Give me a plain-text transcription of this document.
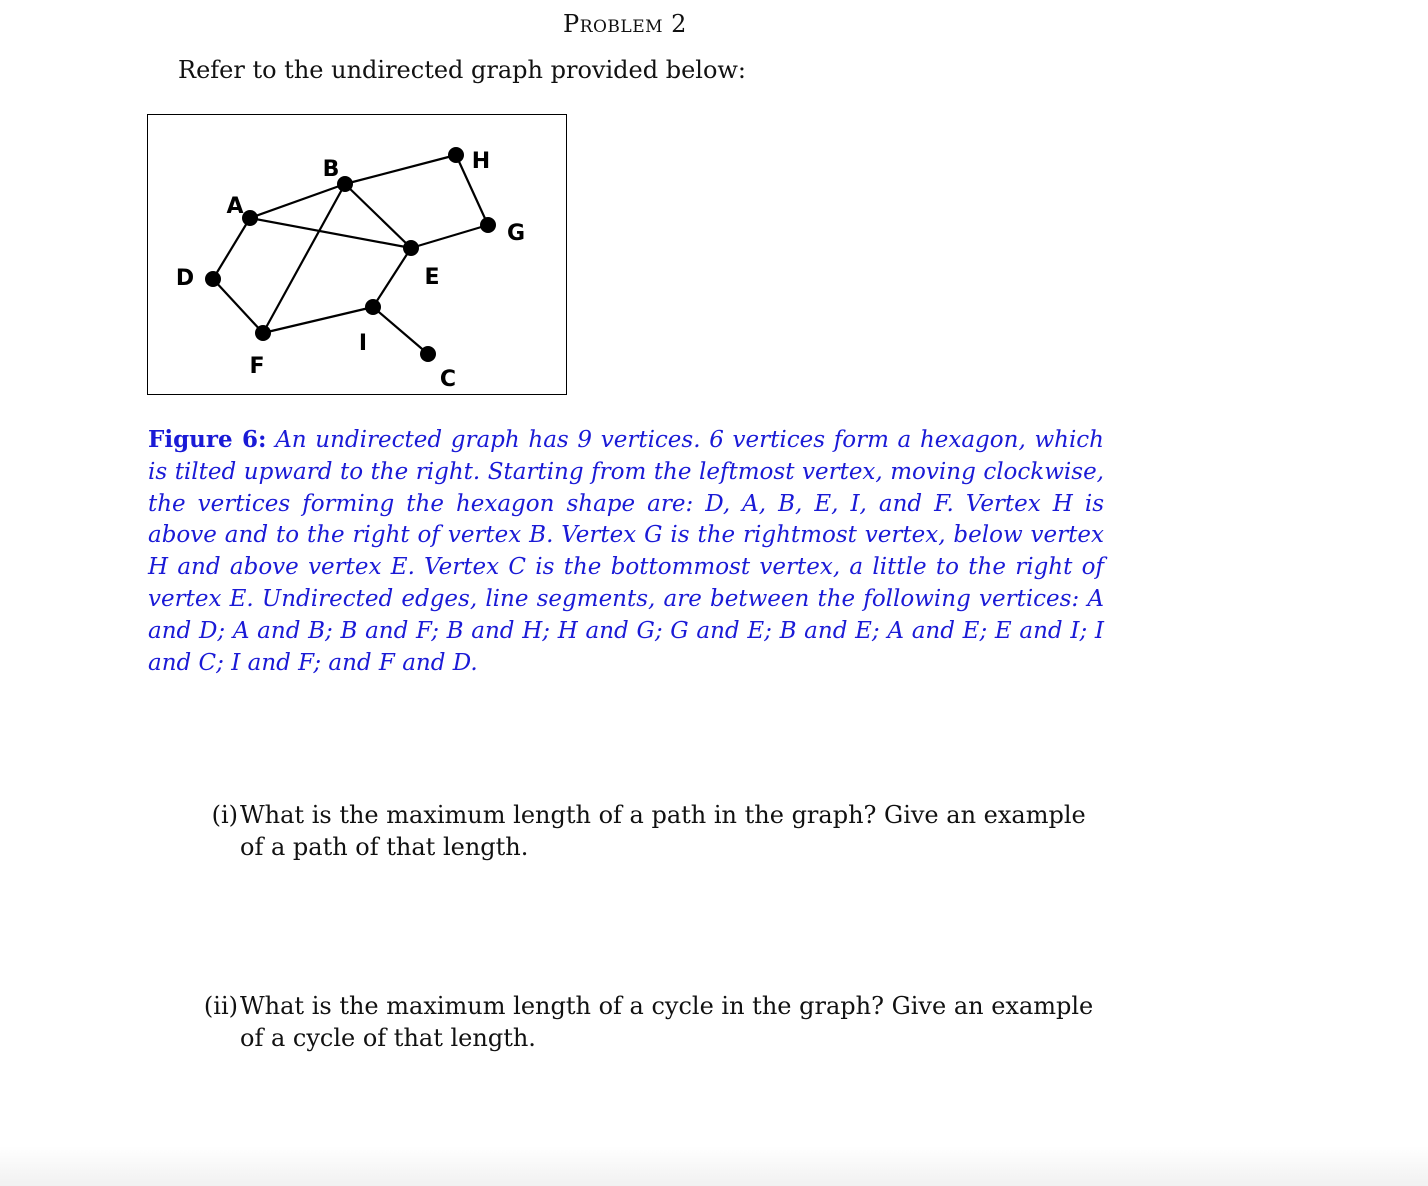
Problem 2
Refer to the undirected graph provided below:
A
B
C
D	E
F
G
H
I
Figure 6: An undirected graph has 9 vertices. 6 vertices form a hexagon, which is tilted upward to the right. Starting from the leftmost vertex, moving clockwise, the vertices forming the hexagon shape are: D, A, B, E, I, and F. Vertex H is above and to the right of vertex B. Vertex G is the rightmost vertex, below vertex H and above vertex E. Vertex C is the bottommost vertex, a little to the right of vertex E. Undirected edges, line segments, are between the following vertices: A and D; A and B; B and F; B and H; H and G; G and E; B and E; A and E; E and I; I and C; I and F; and F and D.
(i) What is the maximum length of a path in the graph? Give an example of a path of that length.
(ii) What is the maximum length of a cycle in the graph? Give an example of a cycle of that length.
